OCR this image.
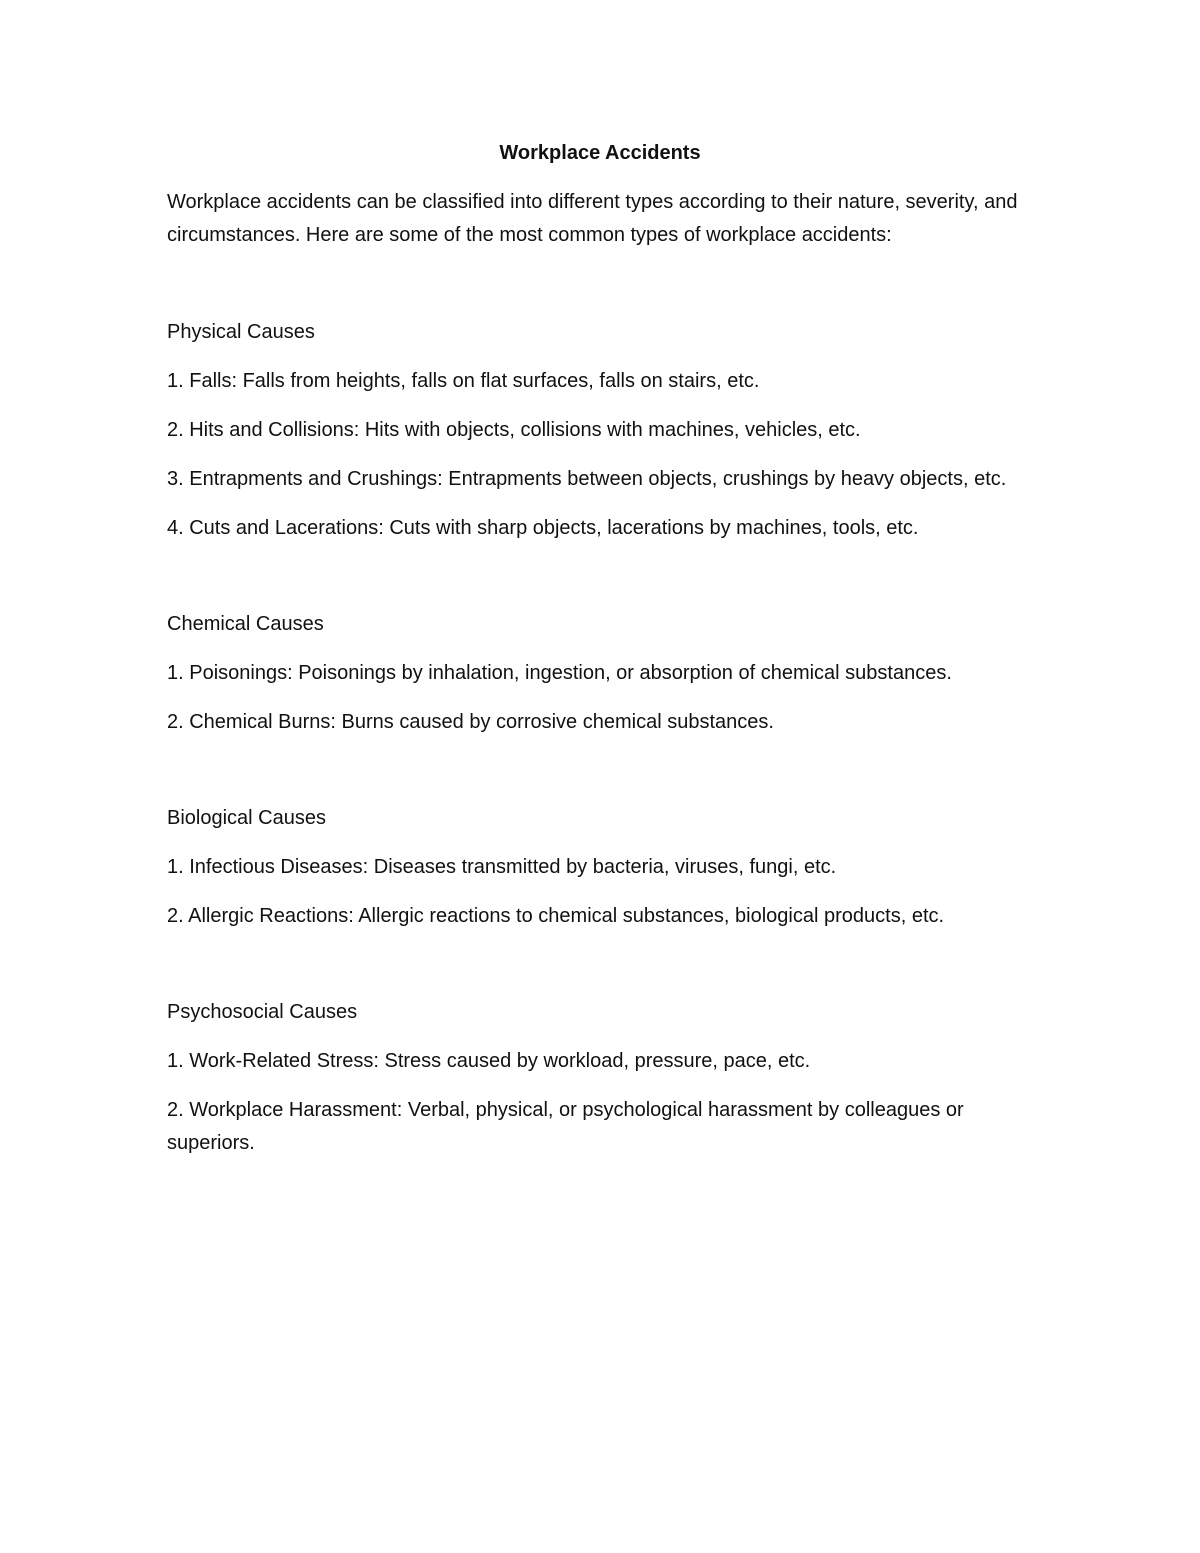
Workplace Accidents
Workplace accidents can be classified into different types according to their nature, severity, and circumstances. Here are some of the most common types of workplace accidents:
Physical Causes
1. Falls: Falls from heights, falls on flat surfaces, falls on stairs, etc.
2. Hits and Collisions: Hits with objects, collisions with machines, vehicles, etc.
3. Entrapments and Crushings: Entrapments between objects, crushings by heavy objects, etc.
4. Cuts and Lacerations: Cuts with sharp objects, lacerations by machines, tools, etc.
Chemical Causes
1. Poisonings: Poisonings by inhalation, ingestion, or absorption of chemical substances.
2. Chemical Burns: Burns caused by corrosive chemical substances.
Biological Causes
1. Infectious Diseases: Diseases transmitted by bacteria, viruses, fungi, etc.
2. Allergic Reactions: Allergic reactions to chemical substances, biological products, etc.
Psychosocial Causes
1. Work-Related Stress: Stress caused by workload, pressure, pace, etc.
2. Workplace Harassment: Verbal, physical, or psychological harassment by colleagues or superiors.
